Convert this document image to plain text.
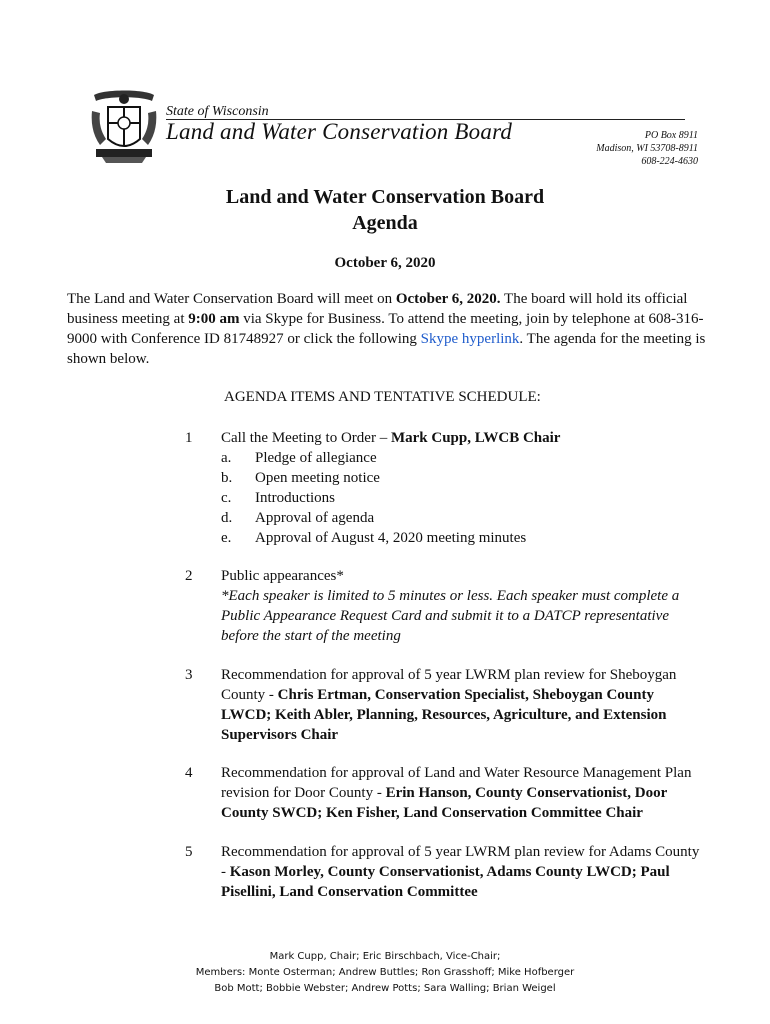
State of Wisconsin
Land and Water Conservation Board	PO Box 8911
Madison, WI 53708-8911
608-224-4630
Land and Water Conservation Board
Agenda
October 6, 2020
The Land and Water Conservation Board will meet on October 6, 2020. The board will hold its official business meeting at 9:00 am via Skype for Business. To attend the meeting, join by telephone at 608-316-9000 with Conference ID 81748927 or click the following Skype hyperlink. The agenda for the meeting is shown below.
AGENDA ITEMS AND TENTATIVE SCHEDULE:
1 Call the Meeting to Order – Mark Cupp, LWCB Chair
a.	Pledge of allegiance
b.	Open meeting notice
c.	Introductions
d.	Approval of agenda
e.	Approval of August 4, 2020 meeting minutes
2 Public appearances*
*Each speaker is limited to 5 minutes or less. Each speaker must complete a Public Appearance Request Card and submit it to a DATCP representative before the start of the meeting
3 Recommendation for approval of 5 year LWRM plan review for Sheboygan County - Chris Ertman, Conservation Specialist, Sheboygan County LWCD; Keith Abler, Planning, Resources, Agriculture, and Extension Supervisors Chair
4 Recommendation for approval of Land and Water Resource Management Plan revision for Door County - Erin Hanson, County Conservationist, Door County SWCD; Ken Fisher, Land Conservation Committee Chair
5 Recommendation for approval of 5 year LWRM plan review for Adams County - Kason Morley, County Conservationist, Adams County LWCD; Paul Pisellini, Land Conservation Committee
Mark Cupp, Chair; Eric Birschbach, Vice-Chair;
Members: Monte Osterman; Andrew Buttles; Ron Grasshoff; Mike Hofberger
Bob Mott; Bobbie Webster; Andrew Potts; Sara Walling; Brian Weigel
